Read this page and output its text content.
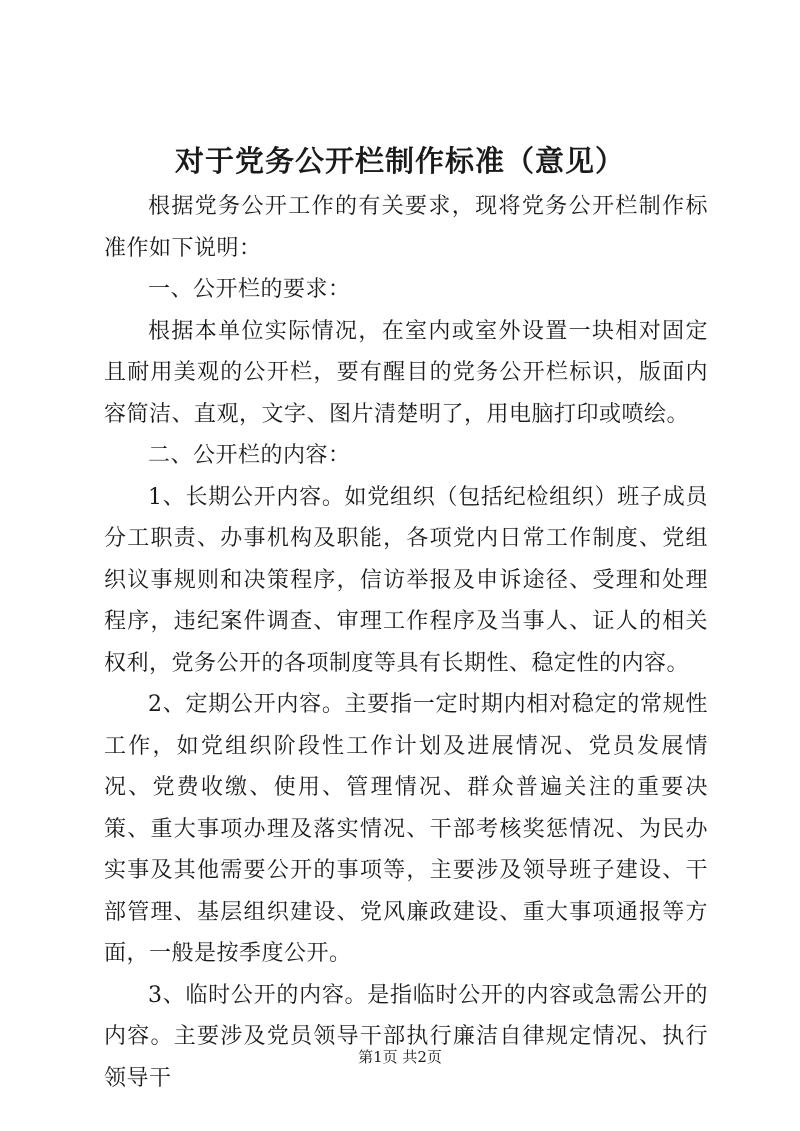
对于党务公开栏制作标准（意见）

根据党务公开工作的有关要求，现将党务公开栏制作标准作如下说明：

一、公开栏的要求：

根据本单位实际情况，在室内或室外设置一块相对固定且耐用美观的公开栏，要有醒目的党务公开栏标识，版面内容简洁、直观，文字、图片清楚明了，用电脑打印或喷绘。

二、公开栏的内容：

1、长期公开内容。如党组织（包括纪检组织）班子成员分工职责、办事机构及职能，各项党内日常工作制度、党组织议事规则和决策程序，信访举报及申诉途径、受理和处理程序，违纪案件调查、审理工作程序及当事人、证人的相关权利，党务公开的各项制度等具有长期性、稳定性的内容。

2、定期公开内容。主要指一定时期内相对稳定的常规性工作，如党组织阶段性工作计划及进展情况、党员发展情况、党费收缴、使用、管理情况、群众普遍关注的重要决策、重大事项办理及落实情况、干部考核奖惩情况、为民办实事及其他需要公开的事项等，主要涉及领导班子建设、干部管理、基层组织建设、党风廉政建设、重大事项通报等方面，一般是按季度公开。

3、临时公开的内容。是指临时公开的内容或急需公开的内容。主要涉及党员领导干部执行廉洁自律规定情况、执行领导干

第1页 共2页
